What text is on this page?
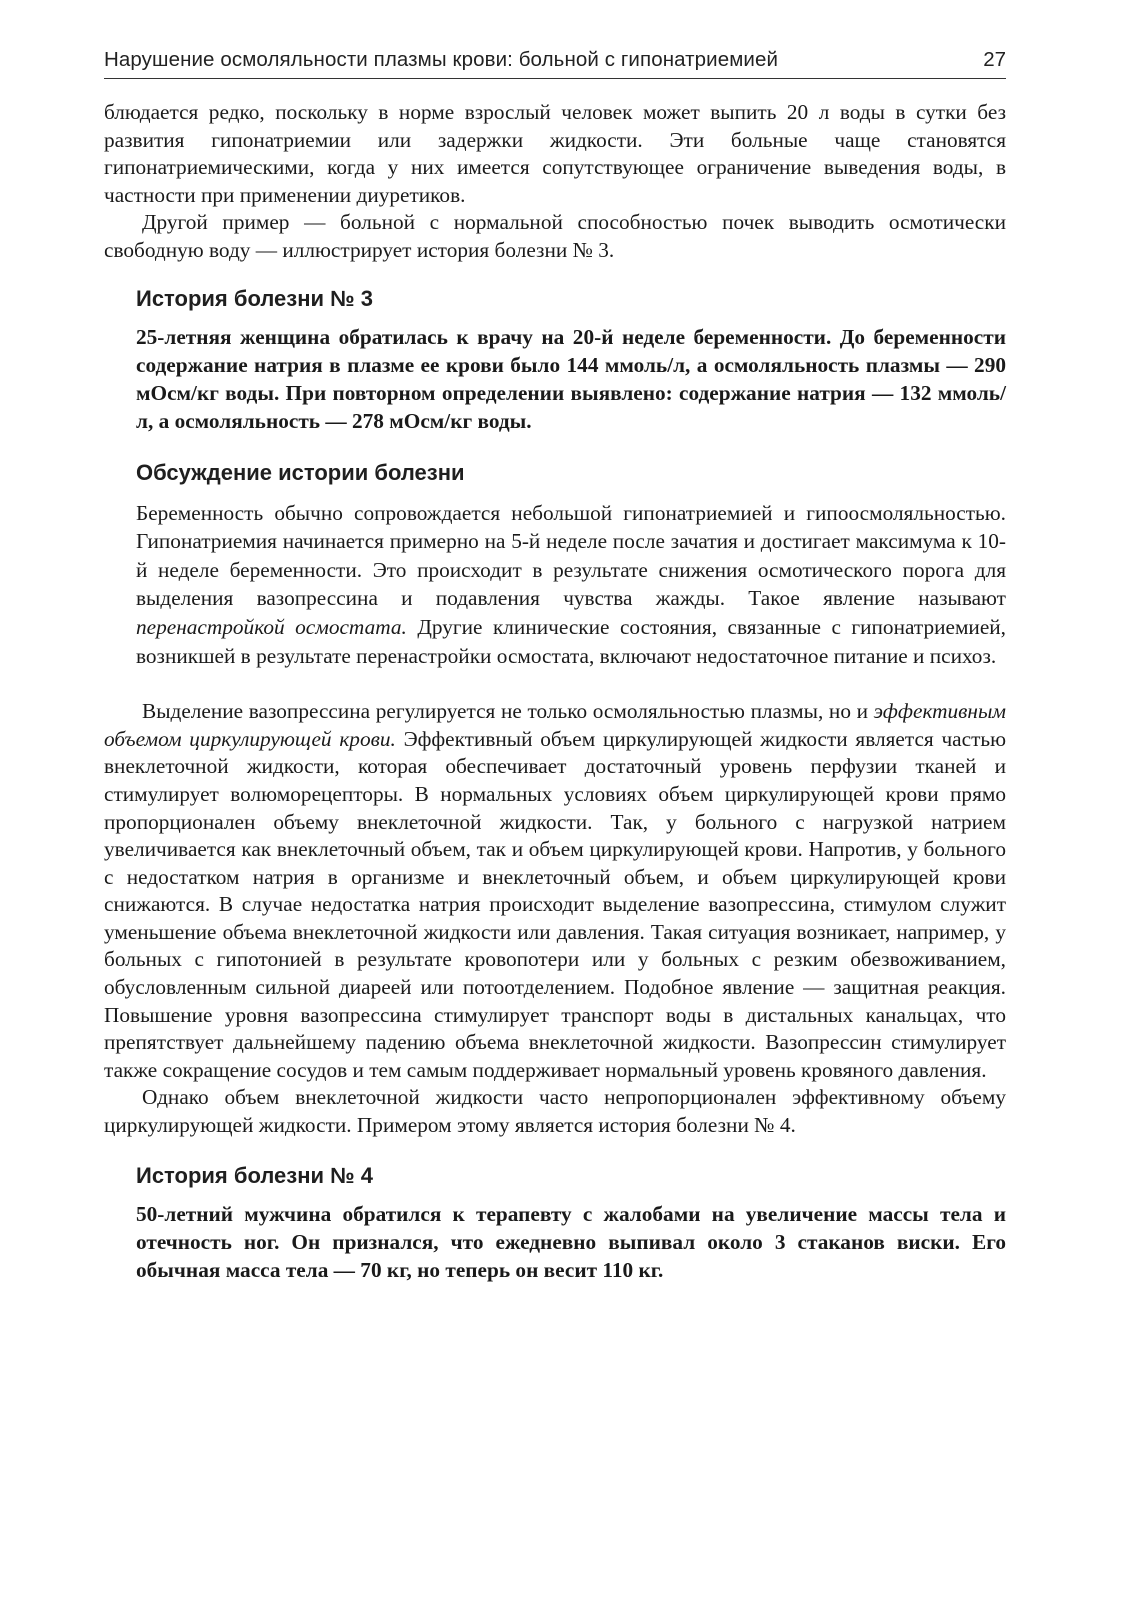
Нарушение осмоляльности плазмы крови: больной с гипонатриемией	27

блюдается редко, поскольку в норме взрослый человек может выпить 20 л воды в сутки без развития гипонатриемии или задержки жидкости. Эти больные чаще становятся гипонатриемическими, когда у них имеется сопутствующее ограничение выведения воды, в частности при применении диуретиков.

Другой пример — больной с нормальной способностью почек выводить осмотически свободную воду — иллюстрирует история болезни № 3.

История болезни № 3

25-летняя женщина обратилась к врачу на 20-й неделе беременности. До беременности содержание натрия в плазме ее крови было 144 ммоль/л, а осмоляльность плазмы — 290 мОсм/кг воды. При повторном определении выявлено: содержание натрия — 132 ммоль/л, а осмоляльность — 278 мОсм/кг воды.

Обсуждение истории болезни

Беременность обычно сопровождается небольшой гипонатриемией и гипоосмоляльностью. Гипонатриемия начинается примерно на 5-й неделе после зачатия и достигает максимума к 10-й неделе беременности. Это происходит в результате снижения осмотического порога для выделения вазопрессина и подавления чувства жажды. Такое явление называют перенастройкой осмостата. Другие клинические состояния, связанные с гипонатриемией, возникшей в результате перенастройки осмостата, включают недостаточное питание и психоз.

Выделение вазопрессина регулируется не только осмоляльностью плазмы, но и эффективным объемом циркулирующей крови. Эффективный объем циркулирующей жидкости является частью внеклеточной жидкости, которая обеспечивает достаточный уровень перфузии тканей и стимулирует волюморецепторы. В нормальных условиях объем циркулирующей крови прямо пропорционален объему внеклеточной жидкости. Так, у больного с нагрузкой натрием увеличивается как внеклеточный объем, так и объем циркулирующей крови. Напротив, у больного с недостатком натрия в организме и внеклеточный объем, и объем циркулирующей крови снижаются. В случае недостатка натрия происходит выделение вазопрессина, стимулом служит уменьшение объема внеклеточной жидкости или давления. Такая ситуация возникает, например, у больных с гипотонией в результате кровопотери или у больных с резким обезвоживанием, обусловленным сильной диареей или потоотделением. Подобное явление — защитная реакция. Повышение уровня вазопрессина стимулирует транспорт воды в дистальных канальцах, что препятствует дальнейшему падению объема внеклеточной жидкости. Вазопрессин стимулирует также сокращение сосудов и тем самым поддерживает нормальный уровень кровяного давления.

Однако объем внеклеточной жидкости часто непропорционален эффективному объему циркулирующей жидкости. Примером этому является история болезни № 4.

История болезни № 4

50-летний мужчина обратился к терапевту с жалобами на увеличение массы тела и отечность ног. Он признался, что ежедневно выпивал около 3 стаканов виски. Его обычная масса тела — 70 кг, но теперь он весит 110 кг.
